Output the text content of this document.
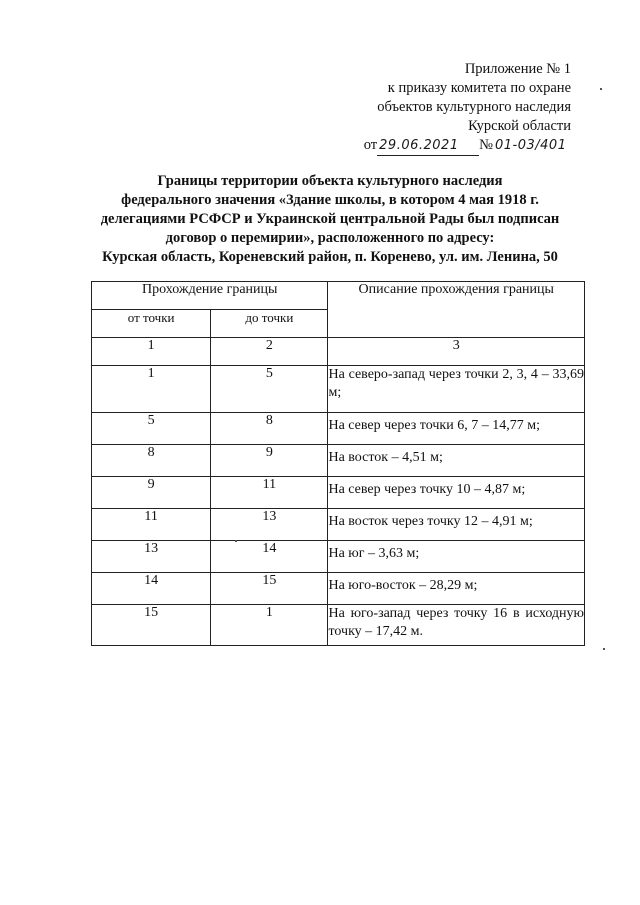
Приложение № 1
к приказу комитета по охране
объектов культурного наследия
Курской области
от 29.06.2021 № 01-03/401
Границы территории объекта культурного наследия
федерального значения «Здание школы, в котором 4 мая 1918 г.
делегациями РСФСР и Украинской центральной Рады был подписан
договор о перемирии», расположенного по адресу:
Курская область, Кореневский район, п. Коренево, ул. им. Ленина, 50
Прохождение границы		Описание прохождения границы
от точки	до точки	
1	2	3
1	5	На северо-запад через точки 2, 3, 4 – 33,69 м;
5	8	На север через точки 6, 7 – 14,77 м;
8	9	На восток – 4,51 м;
9	11	На север через точку 10 – 4,87 м;
11	13	На восток через точку 12 – 4,91 м;
13	14	На юг – 3,63 м;
14	15	На юго-восток – 28,29 м;
15	1	На юго-запад через точку 16 в исходную точку – 17,42 м.
